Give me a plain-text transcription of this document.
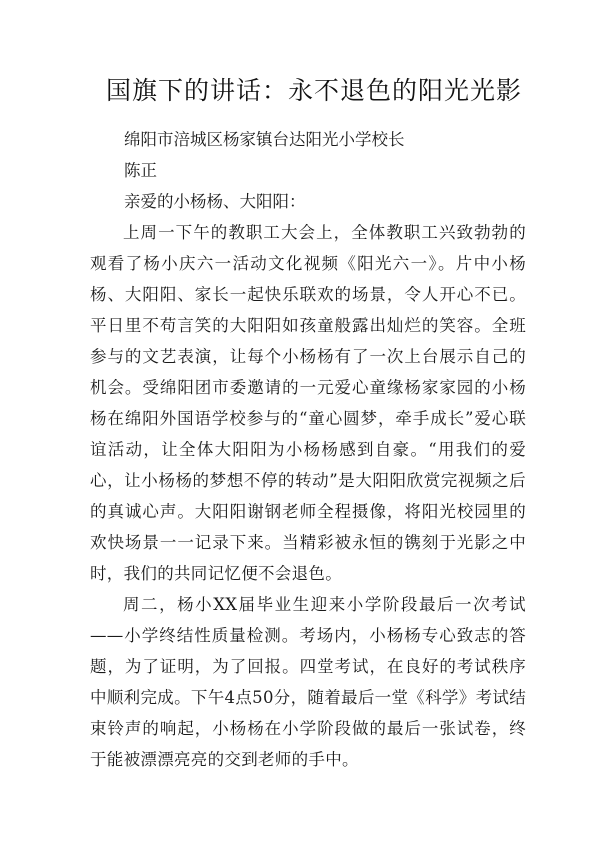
国旗下的讲话：永不退色的阳光光影

绵阳市涪城区杨家镇台达阳光小学校长

陈正

亲爱的小杨杨、大阳阳：

上周一下午的教职工大会上，全体教职工兴致勃勃的观看了杨小庆六一活动文化视频《阳光六一》。片中小杨杨、大阳阳、家长一起快乐联欢的场景，令人开心不已。平日里不苟言笑的大阳阳如孩童般露出灿烂的笑容。全班参与的文艺表演，让每个小杨杨有了一次上台展示自己的机会。受绵阳团市委邀请的一元爱心童缘杨家家园的小杨杨在绵阳外国语学校参与的“童心圆梦，牵手成长”爱心联谊活动，让全体大阳阳为小杨杨感到自豪。“用我们的爱心，让小杨杨的梦想不停的转动”是大阳阳欣赏完视频之后的真诚心声。大阳阳谢钢老师全程摄像，将阳光校园里的欢快场景一一记录下来。当精彩被永恒的镌刻于光影之中时，我们的共同记忆便不会退色。

周二，杨小XX届毕业生迎来小学阶段最后一次考试——小学终结性质量检测。考场内，小杨杨专心致志的答题，为了证明，为了回报。四堂考试，在良好的考试秩序中顺利完成。下午4点50分，随着最后一堂《科学》考试结束铃声的响起，小杨杨在小学阶段做的最后一张试卷，终于能被漂漂亮亮的交到老师的手中。
